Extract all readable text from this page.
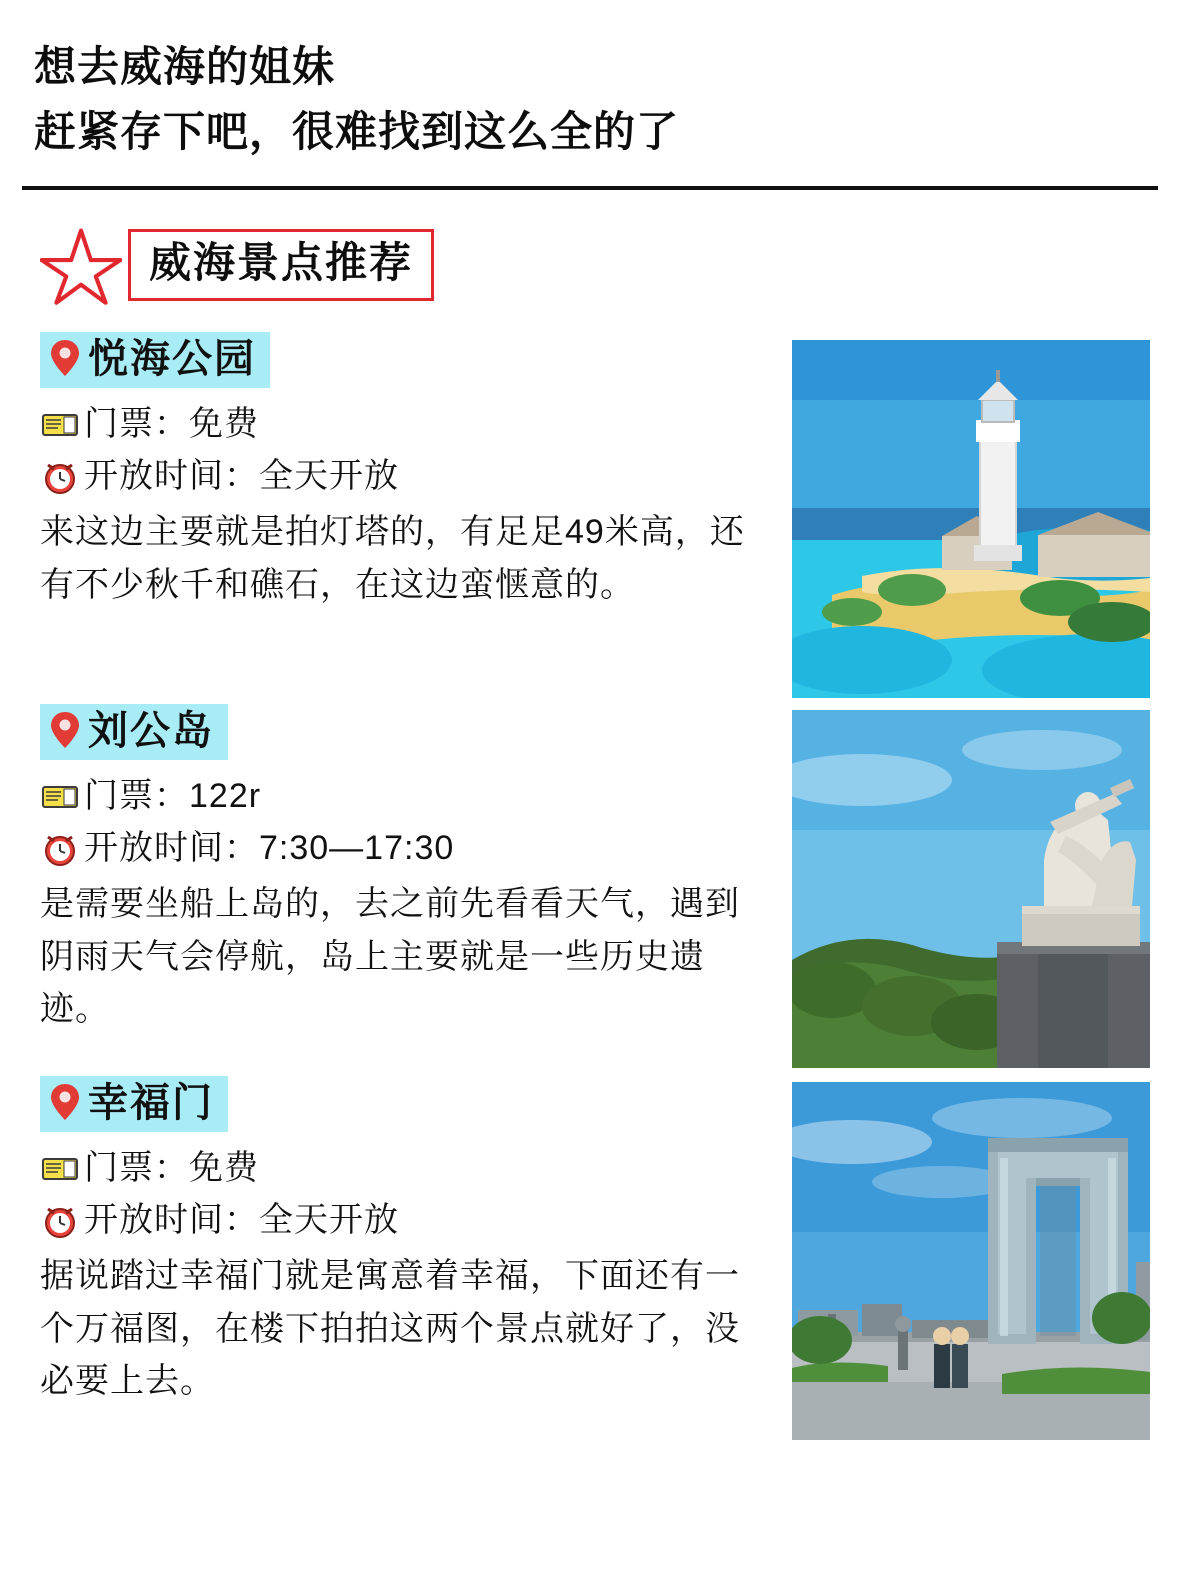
想去威海的姐妹
赶紧存下吧，很难找到这么全的了
威海景点推荐
悦海公园
门票：免费
开放时间：全天开放
来这边主要就是拍灯塔的，有足足49米高，还有不少秋千和礁石，在这边蛮惬意的。
刘公岛
门票：122r
开放时间：7:30—17:30
是需要坐船上岛的，去之前先看看天气，遇到阴雨天气会停航，岛上主要就是一些历史遗迹。
幸福门
门票：免费
开放时间：全天开放
据说踏过幸福门就是寓意着幸福，下面还有一个万福图，在楼下拍拍这两个景点就好了，没必要上去。
